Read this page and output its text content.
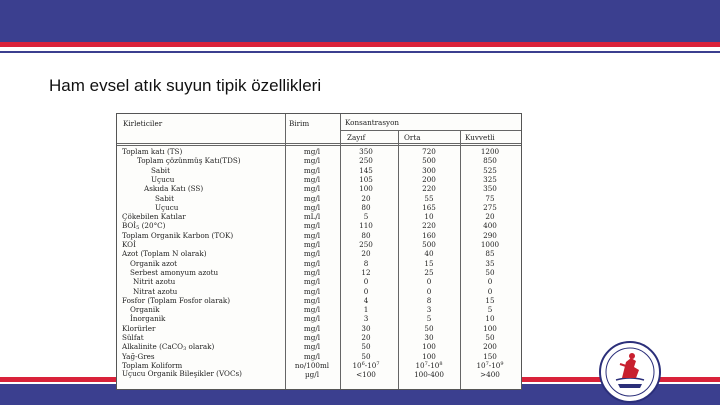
Ham evsel atık suyun tipik özellikleri
Kirleticiler	Birim	Konsantrasyon
Zayıf	Orta	Kuvvetli
Toplam katı (TS)	mg/l	350	720	1200
Toplam çözünmüş Katı(TDS)	mg/l	250	500	850
Sabit	mg/l	145	300	525
Uçucu	mg/l	105	200	325
Askıda Katı (SS)	mg/l	100	220	350
Sabit	mg/l	20	55	75
Uçucu	mg/l	80	165	275
Çökebilen Katılar	mL/l	5	10	20
$BOİ_5$ (20°C)	mg/l	110	220	400
Toplam Organik Karbon (TOK)	mg/l	80	160	290
KOİ	mg/l	250	500	1000
Azot (Toplam N olarak)	mg/l	20	40	85
Organik azot	mg/l	8	15	35
Serbest amonyum azotu	mg/l	12	25	50
Nitrit azotu	mg/l	0	0	0
Nitrat azotu	mg/l	0	0	0
Fosfor (Toplam Fosfor olarak)	mg/l	4	8	15
Organik	mg/l	1	3	5
İnorganik	mg/l	3	5	10
Klorürler	mg/l	30	50	100
Sülfat	mg/l	20	30	50
Alkalinite (CaCO$_3$ olarak)	mg/l	50	100	200
Yağ-Gres	mg/l	50	100	150
Toplam Koliform	no/100ml	$10^6-10^7$	$10^7-10^8$	$10^7-10^9$
Uçucu Organik Bileşikler (VOCs)	µg/l	<100	100-400	>400
